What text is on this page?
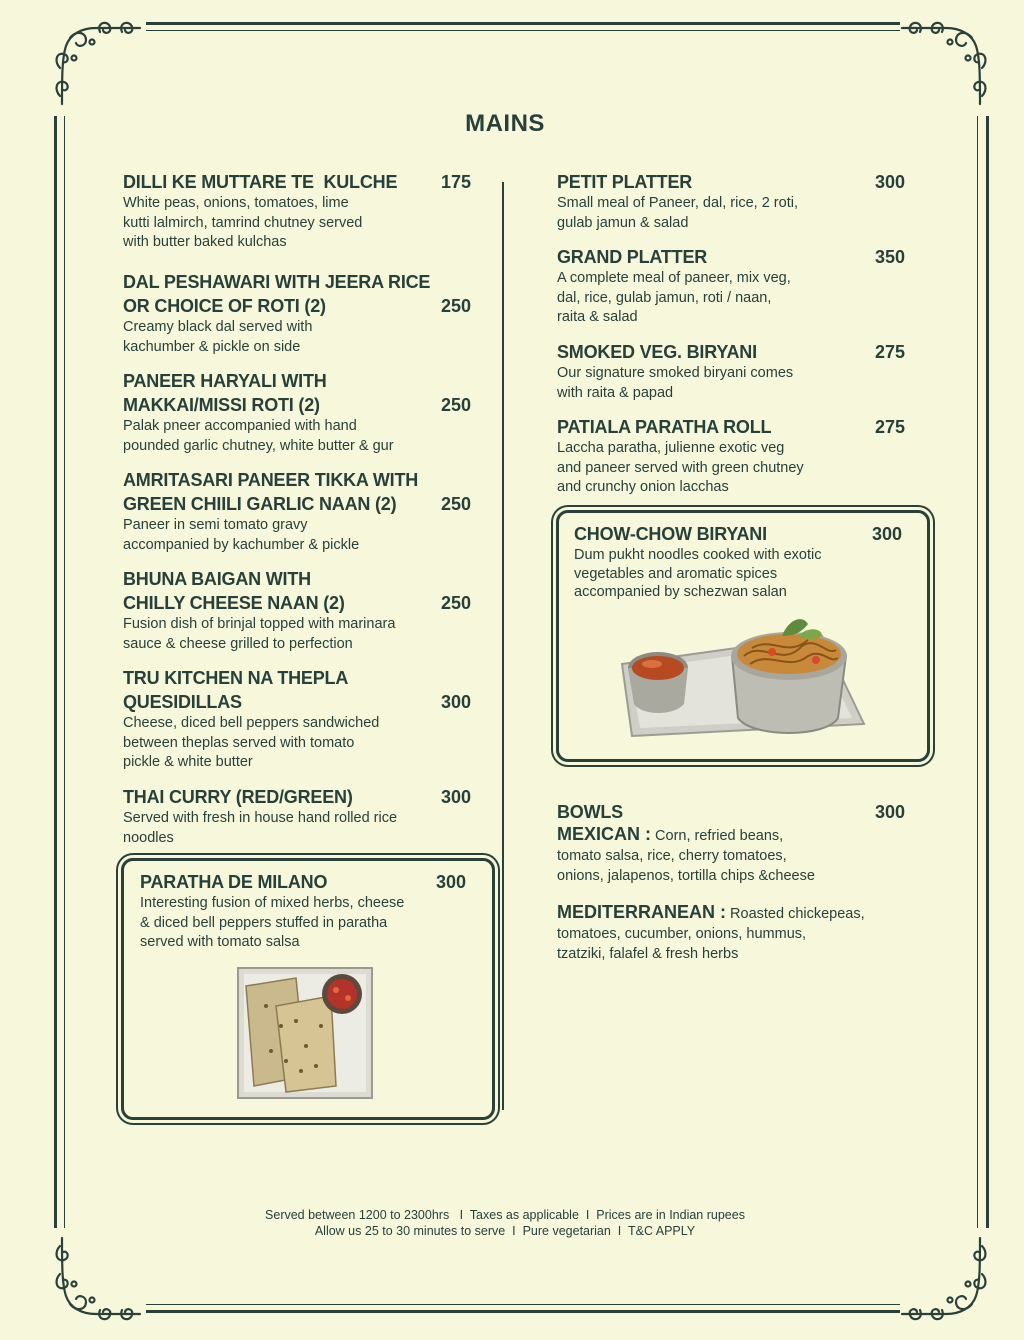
MAINS
DILLI KE MUTTARE TE  KULCHE 175
White peas, onions, tomatoes, lime
kutti lalmirch, tamrind chutney served
with butter baked kulchas
DAL PESHAWARI WITH JEERA RICE
OR CHOICE OF ROTI (2)	250
Creamy black dal served with
kachumber & pickle on side
PANEER HARYALI WITH
MAKKAI/MISSI ROTI (2)	250
Palak pneer accompanied with hand
pounded garlic chutney, white butter & gur
AMRITASARI PANEER TIKKA WITH
GREEN CHIILI GARLIC NAAN (2) 250
Paneer in semi tomato gravy
accompanied by kachumber & pickle
BHUNA BAIGAN WITH
CHILLY CHEESE NAAN (2)	250
Fusion dish of brinjal topped with marinara
sauce & cheese grilled to perfection
TRU KITCHEN NA THEPLA
QUESIDILLAS	300
Cheese, diced bell peppers sandwiched
between theplas served with tomato
pickle & white butter
THAI CURRY (RED/GREEN)	300
Served with fresh in house hand rolled rice
noodles
PARATHA DE MILANO	300
Interesting fusion of mixed herbs, cheese
& diced bell peppers stuffed in paratha
served with tomato salsa
PETIT PLATTER	300
Small meal of Paneer, dal, rice, 2 roti,
gulab jamun & salad
GRAND PLATTER	350
A complete meal of paneer, mix veg,
dal, rice, gulab jamun, roti / naan,
raita & salad
SMOKED VEG. BIRYANI	275
Our signature smoked biryani comes
with raita & papad
PATIALA PARATHA ROLL	275
Laccha paratha, julienne exotic veg
and paneer served with green chutney
and crunchy onion lacchas
CHOW-CHOW BIRYANI	300
Dum pukht noodles cooked with exotic
vegetables and aromatic spices
accompanied by schezwan salan
BOWLS	300
MEXICAN : Corn, refried beans,
tomato salsa, rice, cherry tomatoes,
onions, jalapenos, tortilla chips &cheese
MEDITERRANEAN : Roasted chickepeas,
tomatoes, cucumber, onions, hummus,
tzatziki, falafel & fresh herbs
Served between 1200 to 2300hrs   I  Taxes as applicable  I  Prices are in Indian rupees
Allow us 25 to 30 minutes to serve  I  Pure vegetarian  I  T&C APPLY
